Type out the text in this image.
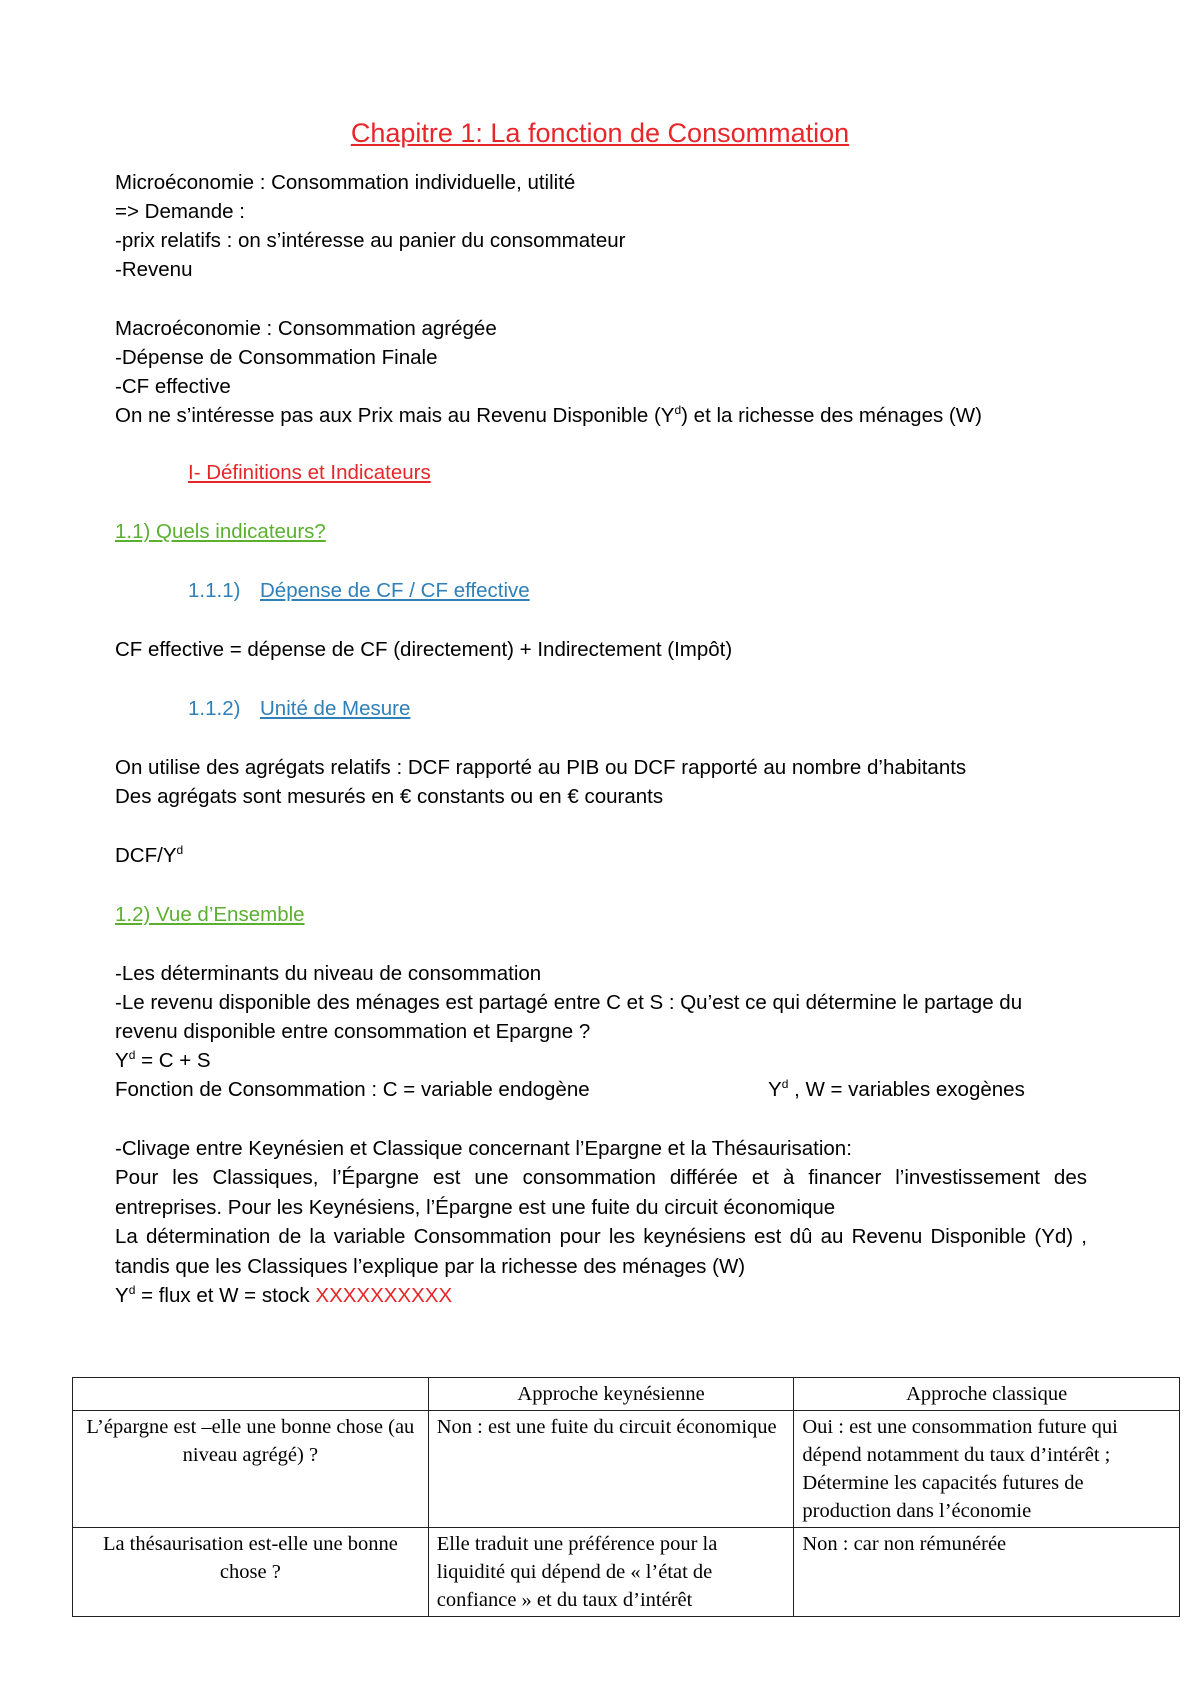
Chapitre 1: La fonction de Consommation
Microéconomie : Consommation individuelle, utilité
=> Demande :
-prix relatifs : on s’intéresse au panier du consommateur
-Revenu
Macroéconomie : Consommation agrégée
-Dépense de Consommation Finale
-CF effective
On ne s’intéresse pas aux Prix mais au Revenu Disponible $(Y^d)$ et la richesse des ménages (W)
I- Définitions et Indicateurs
1.1) Quels indicateurs?
1.1.1) Dépense de CF / CF effective
CF effective = dépense de CF (directement) + Indirectement (Impôt)
1.1.2) Unité de Mesure
On utilise des agrégats relatifs : DCF rapporté au PIB ou DCF rapporté au nombre d’habitants
Des agrégats sont mesurés en € constants ou en € courants
DCF/$Y^d$
1.2) Vue d’Ensemble
-Les déterminants du niveau de consommation
-Le revenu disponible des ménages est partagé entre C et S : Qu’est ce qui détermine le partage du
revenu disponible entre consommation et Epargne ?
$Y^d = C + S$
Fonction de Consommation : C = variable endogène	$Y^d$ , W = variables exogènes
-Clivage entre Keynésien et Classique concernant l’Epargne et la Thésaurisation:
Pour les Classiques, l’Épargne est une consommation différée et à financer l’investissement des entreprises. Pour les Keynésiens, l’Épargne est une fuite du circuit économique
La détermination de la variable Consommation pour les keynésiens est dû au Revenu Disponible (Yd) , tandis que les Classiques l’explique par la richesse des ménages (W)
$Y^d$ = flux et W = stock XXXXXXXXXX
	Approche keynésienne	Approche classique
L’épargne est –elle une bonne chose (au niveau agrégé) ?	Non : est une fuite du circuit économique	Oui : est une consommation future qui dépend notamment du taux d’intérêt ;
Détermine les capacités futures de production dans l’économie

La thésaurisation est-elle une bonne chose ?	Elle traduit une préférence pour la liquidité qui dépend de « l’état de confiance » et du taux d’intérêt	Non : car non rémunérée
